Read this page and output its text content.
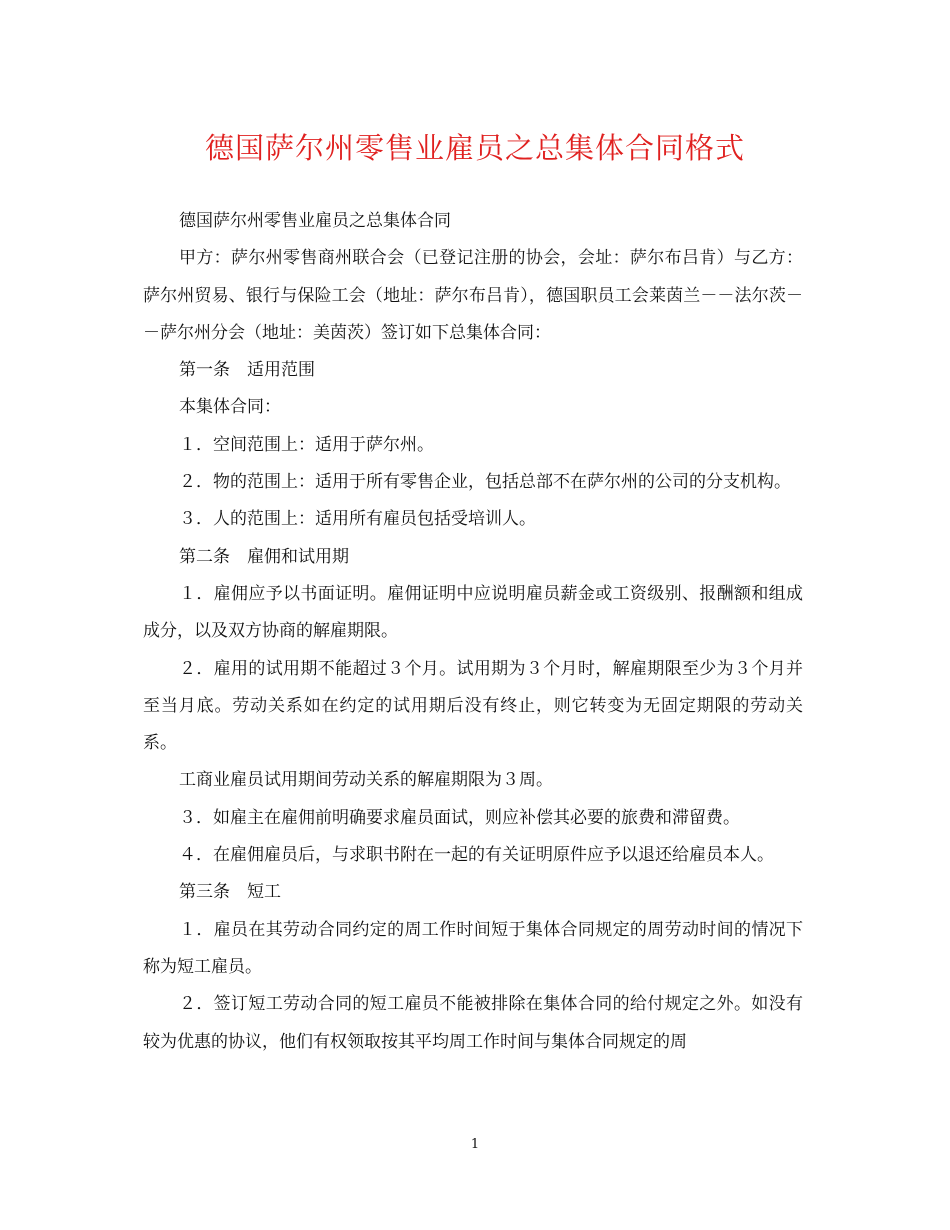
德国萨尔州零售业雇员之总集体合同格式

德国萨尔州零售业雇员之总集体合同

甲方：萨尔州零售商州联合会（已登记注册的协会，会址：萨尔布吕肯）与乙方：萨尔州贸易、银行与保险工会（地址：萨尔布吕肯），德国职员工会莱茵兰－－法尔茨－－萨尔州分会（地址：美茵茨）签订如下总集体合同：

第一条　适用范围

本集体合同：

１．空间范围上：适用于萨尔州。

２．物的范围上：适用于所有零售企业，包括总部不在萨尔州的公司的分支机构。

３．人的范围上：适用所有雇员包括受培训人。

第二条　雇佣和试用期

１．雇佣应予以书面证明。雇佣证明中应说明雇员薪金或工资级别、报酬额和组成成分，以及双方协商的解雇期限。

２．雇用的试用期不能超过３个月。试用期为３个月时，解雇期限至少为３个月并至当月底。劳动关系如在约定的试用期后没有终止，则它转变为无固定期限的劳动关系。

工商业雇员试用期间劳动关系的解雇期限为３周。

３．如雇主在雇佣前明确要求雇员面试，则应补偿其必要的旅费和滞留费。

４．在雇佣雇员后，与求职书附在一起的有关证明原件应予以退还给雇员本人。

第三条　短工

１．雇员在其劳动合同约定的周工作时间短于集体合同规定的周劳动时间的情况下称为短工雇员。

２．签订短工劳动合同的短工雇员不能被排除在集体合同的给付规定之外。如没有较为优惠的协议，他们有权领取按其平均周工作时间与集体合同规定的周

1
